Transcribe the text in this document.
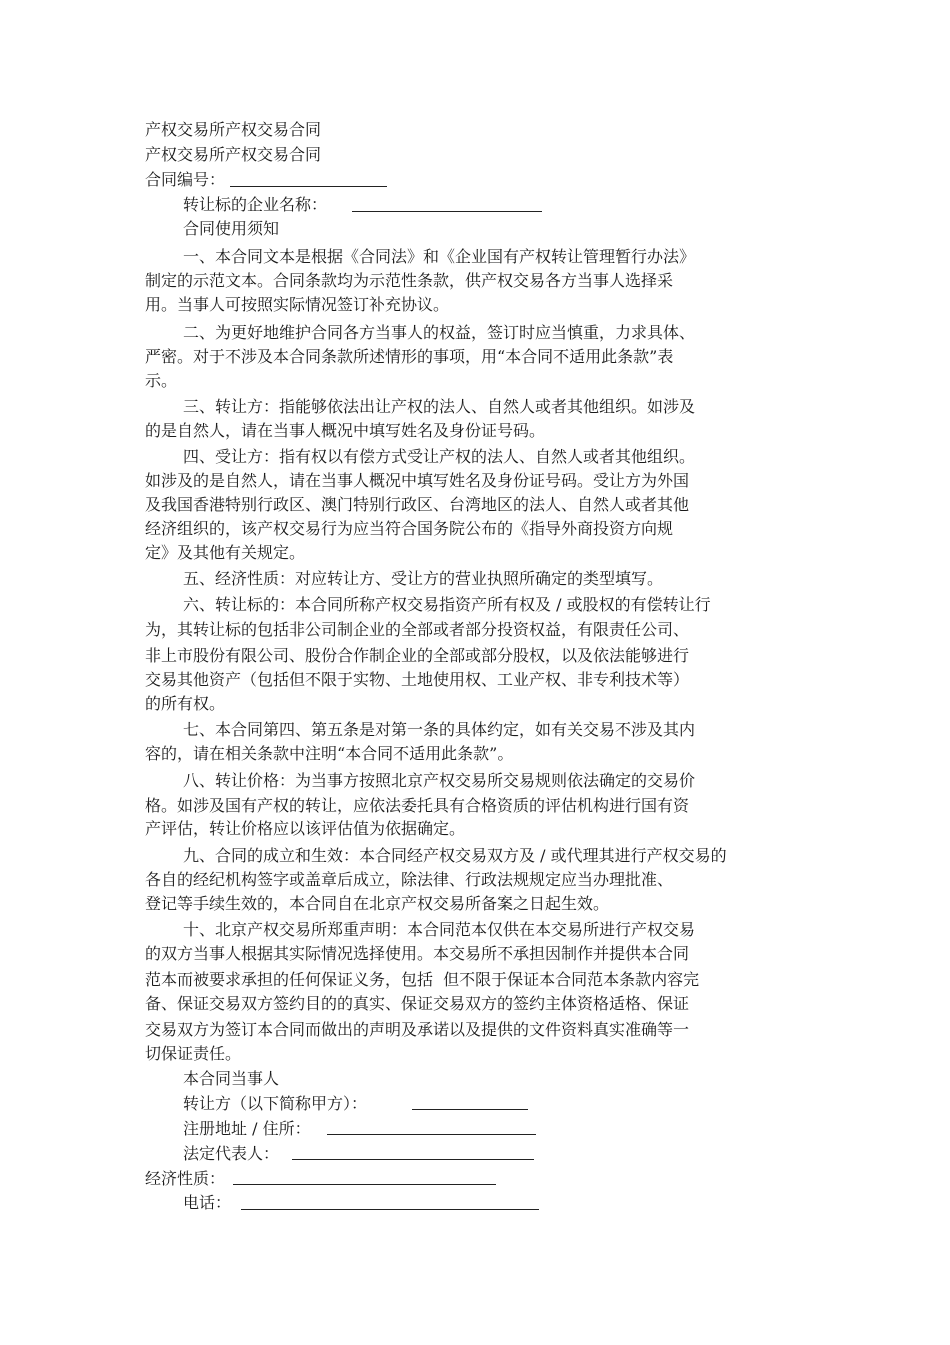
产权交易所产权交易合同
产权交易所产权交易合同
合同编号：
转让标的企业名称：
合同使用须知
一、本合同文本是根据《合同法》和《企业国有产权转让管理暂行办法》
制定的示范文本。合同条款均为示范性条款，供产权交易各方当事人选择采
用。当事人可按照实际情况签订补充协议。
二、为更好地维护合同各方当事人的权益，签订时应当慎重，力求具体、
严密。对于不涉及本合同条款所述情形的事项，用“本合同不适用此条款”表
示。
三、转让方：指能够依法出让产权的法人、自然人或者其他组织。如涉及
的是自然人，请在当事人概况中填写姓名及身份证号码。
四、受让方：指有权以有偿方式受让产权的法人、自然人或者其他组织。
如涉及的是自然人，请在当事人概况中填写姓名及身份证号码。受让方为外国
及我国香港特别行政区、澳门特别行政区、台湾地区的法人、自然人或者其他
经济组织的，该产权交易行为应当符合国务院公布的《指导外商投资方向规
定》及其他有关规定。
五、经济性质：对应转让方、受让方的营业执照所确定的类型填写。
六、转让标的：本合同所称产权交易指资产所有权及 / 或股权的有偿转让行
为，其转让标的包括非公司制企业的全部或者部分投资权益，有限责任公司、
非上市股份有限公司、股份合作制企业的全部或部分股权，以及依法能够进行
交易其他资产（包括但不限于实物、土地使用权、工业产权、非专利技术等）
的所有权。
七、本合同第四、第五条是对第一条的具体约定，如有关交易不涉及其内
容的，请在相关条款中注明“本合同不适用此条款”。
八、转让价格：为当事方按照北京产权交易所交易规则依法确定的交易价
格。如涉及国有产权的转让，应依法委托具有合格资质的评估机构进行国有资
产评估，转让价格应以该评估值为依据确定。
九、合同的成立和生效：本合同经产权交易双方及 / 或代理其进行产权交易的
各自的经纪机构签字或盖章后成立，除法律、行政法规规定应当办理批准、
登记等手续生效的，本合同自在北京产权交易所备案之日起生效。
十、北京产权交易所郑重声明：本合同范本仅供在本交易所进行产权交易
的双方当事人根据其实际情况选择使用。本交易所不承担因制作并提供本合同
范本而被要求承担的任何保证义务，包括  但不限于保证本合同范本条款内容完
备、保证交易双方签约目的的真实、保证交易双方的签约主体资格适格、保证
交易双方为签订本合同而做出的声明及承诺以及提供的文件资料真实准确等一
切保证责任。
本合同当事人
转让方（以下简称甲方）：
注册地址 / 住所：
法定代表人：
经济性质：
电话：
